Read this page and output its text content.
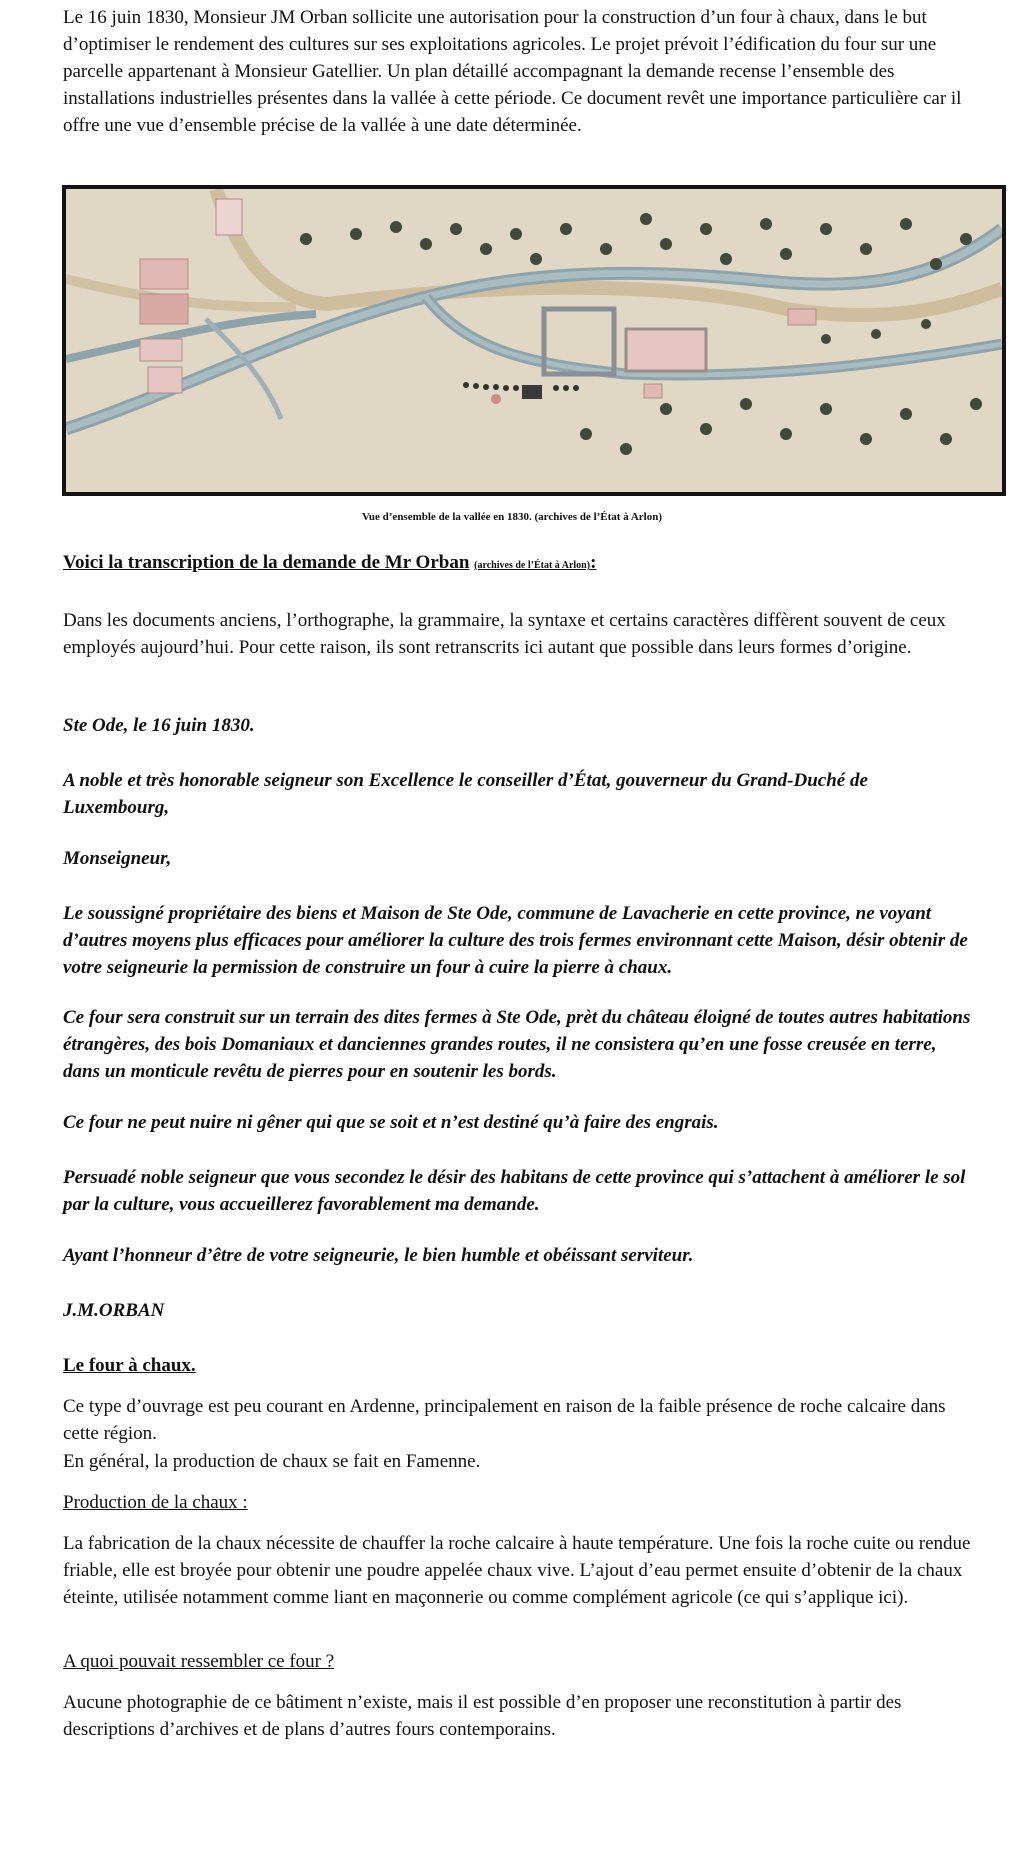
Le 16 juin 1830, Monsieur JM Orban sollicite une autorisation pour la construction d’un four à chaux, dans le but d’optimiser le rendement des cultures sur ses exploitations agricoles. Le projet prévoit l’édification du four sur une parcelle appartenant à Monsieur Gatellier. Un plan détaillé accompagnant la demande recense l’ensemble des installations industrielles présentes dans la vallée à cette période. Ce document revêt une importance particulière car il offre une vue d’ensemble précise de la vallée à une date déterminée.

Vue d’ensemble de la vallée en 1830. (archives de l’État à Arlon)

Voici la transcription de la demande de Mr Orban (archives de l’État à Arlon):

Dans les documents anciens, l’orthographe, la grammaire, la syntaxe et certains caractères diffèrent souvent de ceux employés aujourd’hui. Pour cette raison, ils sont retranscrits ici autant que possible dans leurs formes d’origine.

Ste Ode, le 16 juin 1830.

A noble et très honorable seigneur son Excellence le conseiller d’État, gouverneur du Grand-Duché de Luxembourg,

Monseigneur,

Le soussigné propriétaire des biens et Maison de Ste Ode, commune de Lavacherie en cette province, ne voyant d’autres moyens plus efficaces pour améliorer la culture des trois fermes environnant cette Maison, désir obtenir de votre seigneurie la permission de construire un four à cuire la pierre à chaux.

Ce four sera construit sur un terrain des dites fermes à Ste Ode, prèt du château éloigné de toutes autres habitations étrangères, des bois Domaniaux et danciennes grandes routes, il ne consistera qu’en une fosse creusée en terre, dans un monticule revêtu de pierres pour en soutenir les bords.

Ce four ne peut nuire ni gêner qui que se soit et n’est destiné qu’à faire des engrais.

Persuadé noble seigneur que vous secondez le désir des habitans de cette province qui s’attachent à améliorer le sol par la culture, vous accueillerez favorablement ma demande.

Ayant l’honneur d’être de votre seigneurie, le bien humble et obéissant serviteur.

J.M.ORBAN

Le four à chaux.

Ce type d’ouvrage est peu courant en Ardenne, principalement en raison de la faible présence de roche calcaire dans cette région.

En général, la production de chaux se fait en Famenne.

Production de la chaux :

La fabrication de la chaux nécessite de chauffer la roche calcaire à haute température. Une fois la roche cuite ou rendue friable, elle est broyée pour obtenir une poudre appelée chaux vive. L’ajout d’eau permet ensuite d’obtenir de la chaux éteinte, utilisée notamment comme liant en maçonnerie ou comme complément agricole (ce qui s’applique ici).

A quoi pouvait ressembler ce four ?

Aucune photographie de ce bâtiment n’existe, mais il est possible d’en proposer une reconstitution à partir des descriptions d’archives et de plans d’autres fours contemporains.
